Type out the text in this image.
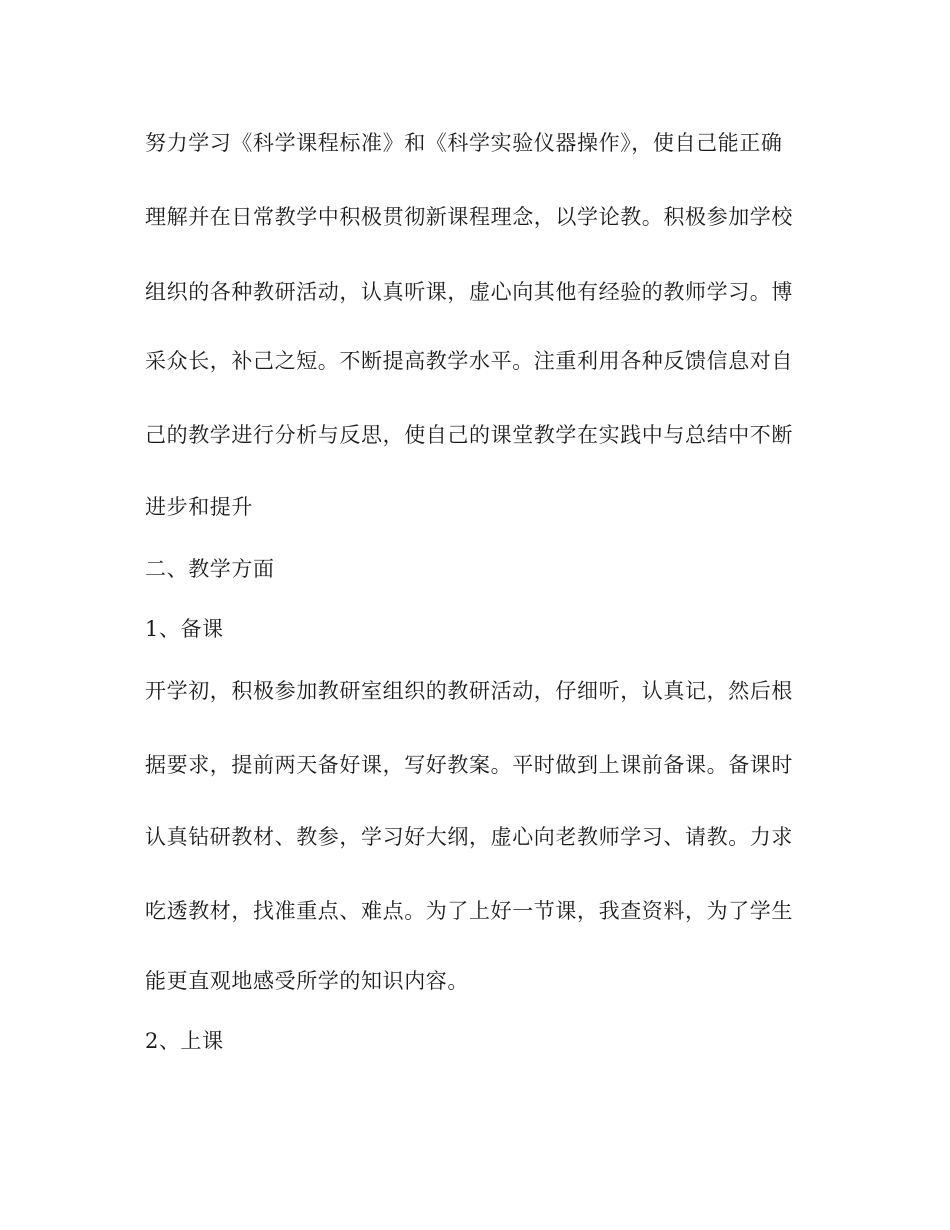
努力学习《科学课程标准》和《科学实验仪器操作》，使自己能正确
理解并在日常教学中积极贯彻新课程理念，以学论教。积极参加学校
组织的各种教研活动，认真听课，虚心向其他有经验的教师学习。博
采众长，补己之短。不断提高教学水平。注重利用各种反馈信息对自
己的教学进行分析与反思，使自己的课堂教学在实践中与总结中不断
进步和提升
二、教学方面
1、备课
开学初，积极参加教研室组织的教研活动，仔细听，认真记，然后根
据要求，提前两天备好课，写好教案。平时做到上课前备课。备课时
认真钻研教材、教参，学习好大纲，虚心向老教师学习、请教。力求
吃透教材，找准重点、难点。为了上好一节课，我查资料，为了学生
能更直观地感受所学的知识内容。
2、上课
